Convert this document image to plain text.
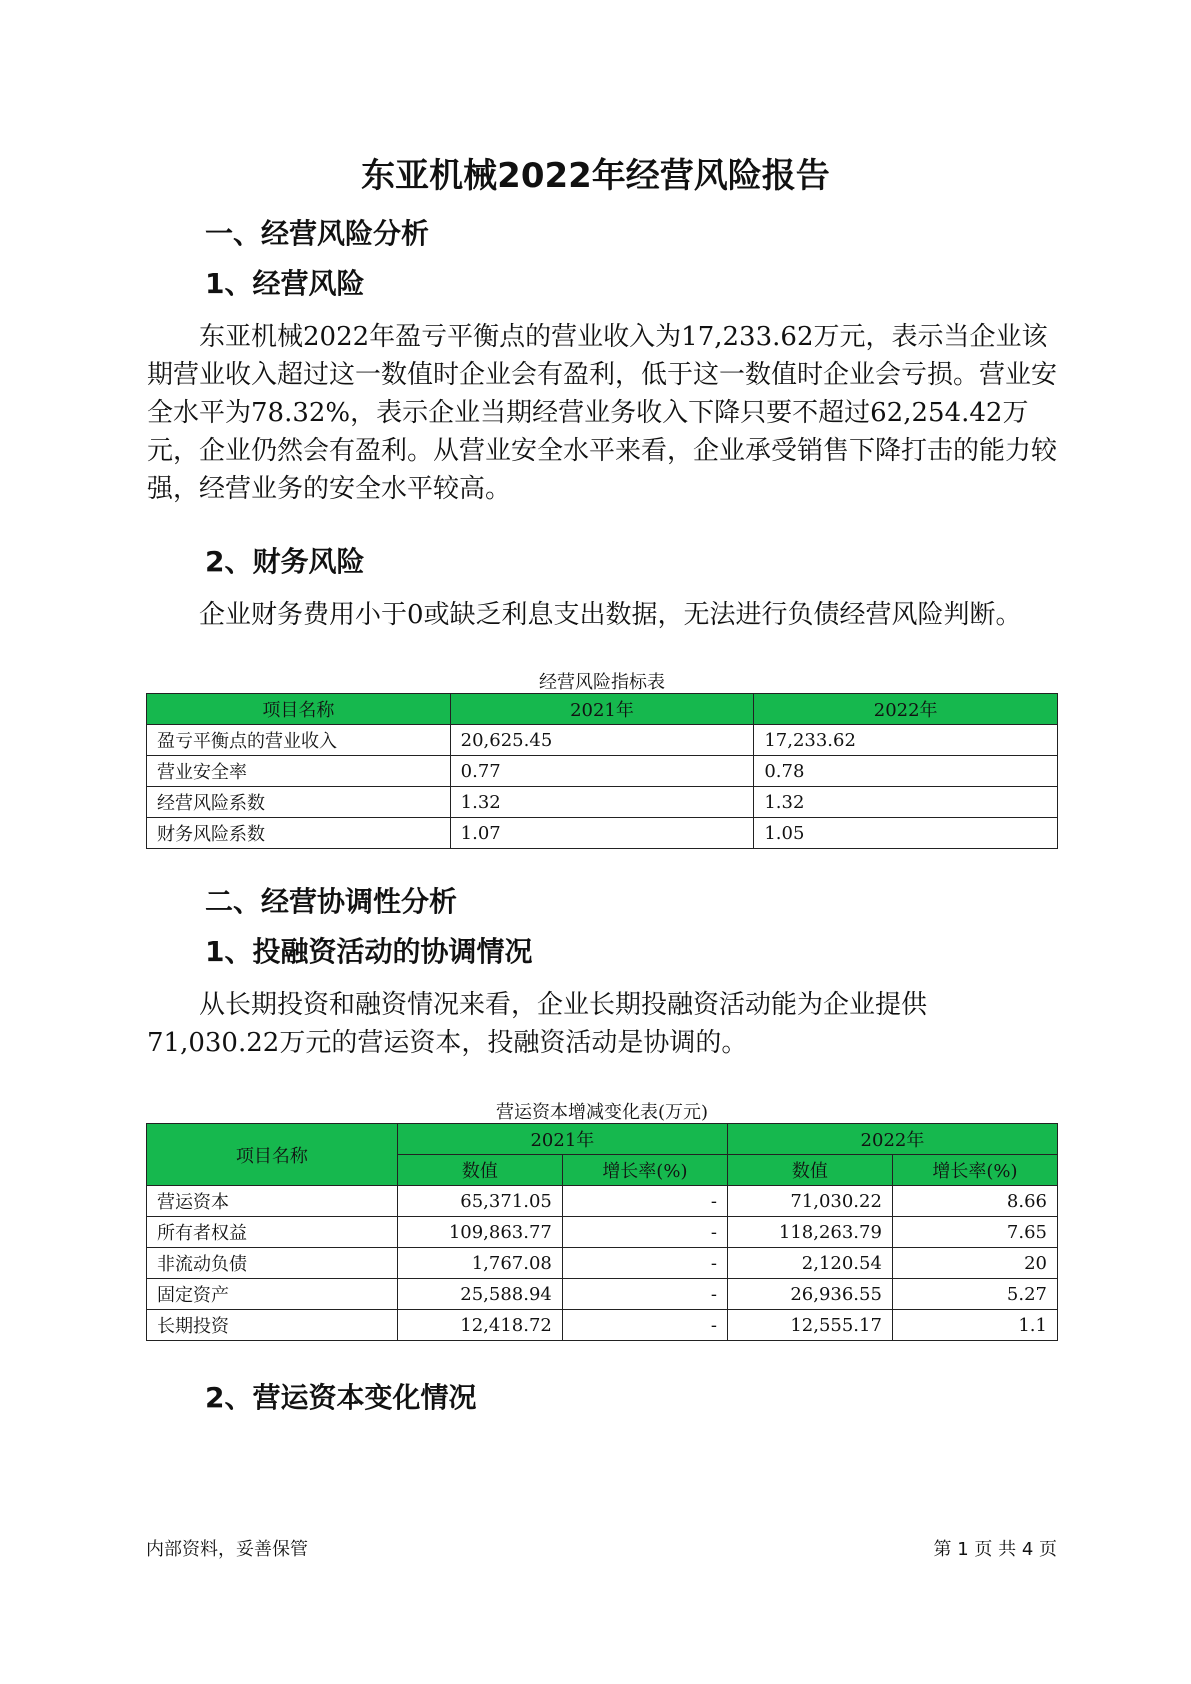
东亚机械2022年经营风险报告
一、经营风险分析
1、经营风险
东亚机械2022年盈亏平衡点的营业收入为17,233.62万元，表示当企业该期营业收入超过这一数值时企业会有盈利，低于这一数值时企业会亏损。营业安全水平为78.32%，表示企业当期经营业务收入下降只要不超过62,254.42万元，企业仍然会有盈利。从营业安全水平来看，企业承受销售下降打击的能力较强，经营业务的安全水平较高。
2、财务风险
企业财务费用小于0或缺乏利息支出数据，无法进行负债经营风险判断。
经营风险指标表
项目名称	2021年	2022年
盈亏平衡点的营业收入	20,625.45	17,233.62
营业安全率	0.77	0.78
经营风险系数	1.32	1.32
财务风险系数	1.07	1.05
二、经营协调性分析
1、投融资活动的协调情况
从长期投资和融资情况来看，企业长期投融资活动能为企业提供71,030.22万元的营运资本，投融资活动是协调的。
营运资本增减变化表(万元)
项目名称	2021年		2022年	
	数值	增长率(%)	数值	增长率(%)
营运资本	65,371.05	-	71,030.22	8.66
所有者权益	109,863.77	-	118,263.79	7.65
非流动负债	1,767.08	-	2,120.54	20
固定资产	25,588.94	-	26,936.55	5.27
长期投资	12,418.72	-	12,555.17	1.1
2、营运资本变化情况
内部资料，妥善保管	第 1 页 共 4 页
